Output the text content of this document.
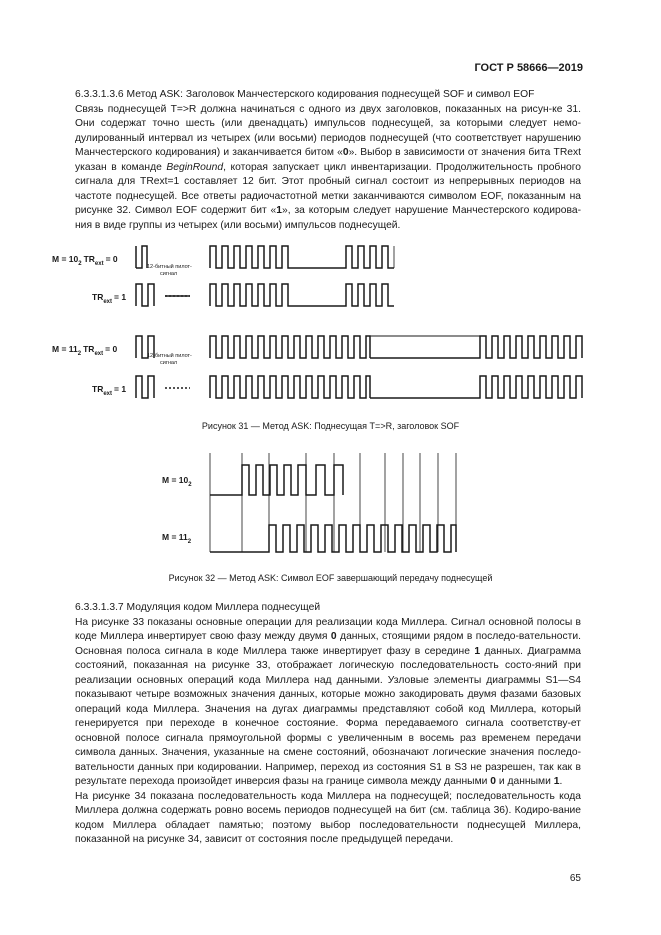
ГОСТ Р 58666—2019

6.3.3.1.3.6 Метод ASK: Заголовок Манчестерского кодирования поднесущей SOF и символ EOF

Связь поднесущей T=>R должна начинаться с одного из двух заголовков, показанных на рисун-ке 31. Они содержат точно шесть (или двенадцать) импульсов поднесущей, за которыми следует немо-дулированный интервал из четырех (или восьми) периодов поднесущей (что соответствует нарушению Манчестерского кодирования) и заканчивается битом «0». Выбор в зависимости от значения бита TRext указан в команде BeginRound, которая запускает цикл инвентаризации. Продолжительность пробного сигнала для TRext=1 составляет 12 бит. Этот пробный сигнал состоит из непрерывных периодов на частоте поднесущей. Все ответы радиочастотной метки заканчиваются символом EOF, показанным на рисунке 32. Символ EOF содержит бит «1», за которым следует нарушение Манчестерского кодирова-ния в виде группы из четырех (или восьми) импульсов поднесущей.

$M = 10_2$ $TR_{ext} = 0$
$TR_{ext} = 1$
$M = 11_2$ $TR_{ext} = 0$
$TR_{ext} = 1$
12-битный пилот-
сигнал
12-битный пилот-
сигнал
Рисунок 31 — Метод ASK: Поднесущая T=>R, заголовок SOF
$M = 10_2$
$M = 11_2$
Рисунок 32 — Метод ASK: Символ EOF завершающий передачу поднесущей

6.3.3.1.3.7 Модуляция кодом Миллера поднесущей

На рисунке 33 показаны основные операции для реализации кода Миллера. Сигнал основной полосы в коде Миллера инвертирует свою фазу между двумя 0 данных, стоящими рядом в последо-вательности. Основная полоса сигнала в коде Миллера также инвертирует фазу в середине 1 данных. Диаграмма состояний, показанная на рисунке 33, отображает логическую последовательность состо-яний при реализации основных операций кода Миллера над данными. Узловые элементы диаграммы S1—S4 показывают четыре возможных значения данных, которые можно закодировать двумя фазами базовых операций кода Миллера. Значения на дугах диаграммы представляют собой код Миллера, который генерируется при переходе в конечное состояние. Форма передаваемого сигнала соответству-ет основной полосе сигнала прямоугольной формы с увеличенным в восемь раз временем передачи символа данных. Значения, указанные на смене состояний, обозначают логические значения последо-вательности данных при кодировании. Например, переход из состояния S1 в S3 не разрешен, так как в результате перехода произойдет инверсия фазы на границе символа между данными 0 и данными 1.

На рисунке 34 показана последовательность кода Миллера на поднесущей; последовательность кода Миллера должна содержать ровно восемь периодов поднесущей на бит (см. таблица 36). Кодиро-вание кодом Миллера обладает памятью; поэтому выбор последовательности поднесущей Миллера, показанной на рисунке 34, зависит от состояния после предыдущей передачи.

65
